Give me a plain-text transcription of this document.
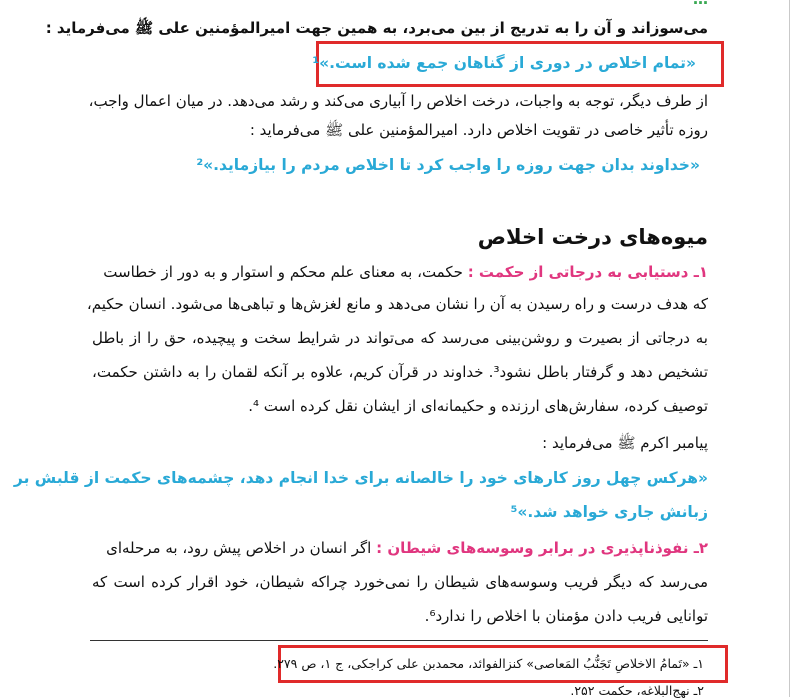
می‌سوزاند و آن را به تدریج از بین می‌برد، به همین جهت امیرالمؤمنین علی ﷺ می‌فرماید :
«تمام اخلاص در دوری از گناهان جمع شده است.»¹
از طرف دیگر، توجه به واجبات، درخت اخلاص را آبیاری می‌کند و رشد می‌دهد. در میان اعمال واجب،
روزه تأثیر خاصی در تقویت اخلاص دارد. امیرالمؤمنین علی ﷺ می‌فرماید :
«خداوند بدان جهت روزه را واجب کرد تا اخلاص مردم را بیازماید.»²
میوه‌های درخت اخلاص
۱ـ دستیابی به درجاتی از حکمت : حکمت، به معنای علم محکم و استوار و به دور از خطاست
که هدف درست و راه رسیدن به آن را نشان می‌دهد و مانع لغزش‌ها و تباهی‌ها می‌شود. انسان حکیم،
به درجاتی از بصیرت و روشن‌بینی می‌رسد که می‌تواند در شرایط سخت و پیچیده، حق را از باطل
تشخیص دهد و گرفتار باطل نشود³. خداوند در قرآن کریم، علاوه بر آنکه لقمان را به داشتن حکمت،
توصیف کرده، سفارش‌های ارزنده و حکیمانه‌ای از ایشان نقل کرده است ⁴.
پیامبر اکرم ﷺ می‌فرماید :
«هرکس چهل روز کارهای خود را خالصانه برای خدا انجام دهد، چشمه‌های حکمت از قلبش بر
زبانش جاری خواهد شد.»⁵
۲ـ نفوذناپذیری در برابر وسوسه‌های شیطان : اگر انسان در اخلاص پیش رود، به مرحله‌ای
می‌رسد که دیگر فریب وسوسه‌های شیطان را نمی‌خورد چراکه شیطان، خود اقرار کرده است که
توانایی فریب دادن مؤمنان با اخلاص را ندارد⁶.
۱ـ «تَمامُ الاخلاصِ تَجَنُّبُ المَعاصی» کنزالفوائد، محمدبن علی کراجکی، ج ۱، ص ۲۷۹.
۲ـ نهج‌البلاغه، حکمت ۲۵۲.
